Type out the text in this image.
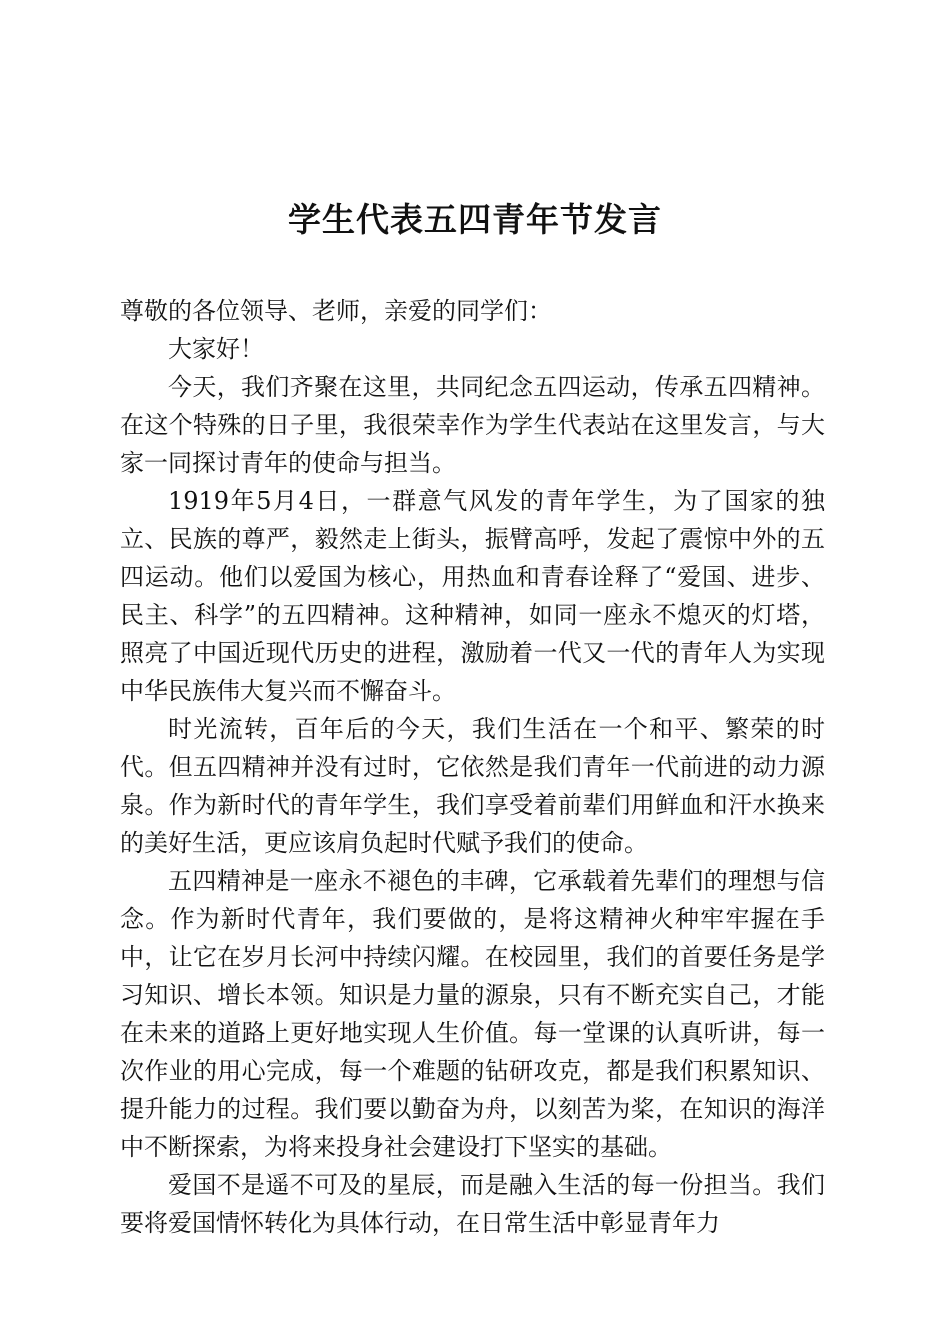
学生代表五四青年节发言

尊敬的各位领导、老师，亲爱的同学们：

大家好！

今天，我们齐聚在这里，共同纪念五四运动，传承五四精神。在这个特殊的日子里，我很荣幸作为学生代表站在这里发言，与大家一同探讨青年的使命与担当。

1919年5月4日，一群意气风发的青年学生，为了国家的独立、民族的尊严，毅然走上街头，振臂高呼，发起了震惊中外的五四运动。他们以爱国为核心，用热血和青春诠释了“爱国、进步、民主、科学”的五四精神。这种精神，如同一座永不熄灭的灯塔，照亮了中国近现代历史的进程，激励着一代又一代的青年人为实现中华民族伟大复兴而不懈奋斗。

时光流转，百年后的今天，我们生活在一个和平、繁荣的时代。但五四精神并没有过时，它依然是我们青年一代前进的动力源泉。作为新时代的青年学生，我们享受着前辈们用鲜血和汗水换来的美好生活，更应该肩负起时代赋予我们的使命。

五四精神是一座永不褪色的丰碑，它承载着先辈们的理想与信念。作为新时代青年，我们要做的，是将这精神火种牢牢握在手中，让它在岁月长河中持续闪耀。在校园里，我们的首要任务是学习知识、增长本领。知识是力量的源泉，只有不断充实自己，才能在未来的道路上更好地实现人生价值。每一堂课的认真听讲，每一次作业的用心完成，每一个难题的钻研攻克，都是我们积累知识、提升能力的过程。我们要以勤奋为舟，以刻苦为桨，在知识的海洋中不断探索，为将来投身社会建设打下坚实的基础。

爱国不是遥不可及的星辰，而是融入生活的每一份担当。我们要将爱国情怀转化为具体行动，在日常生活中彰显青年力
